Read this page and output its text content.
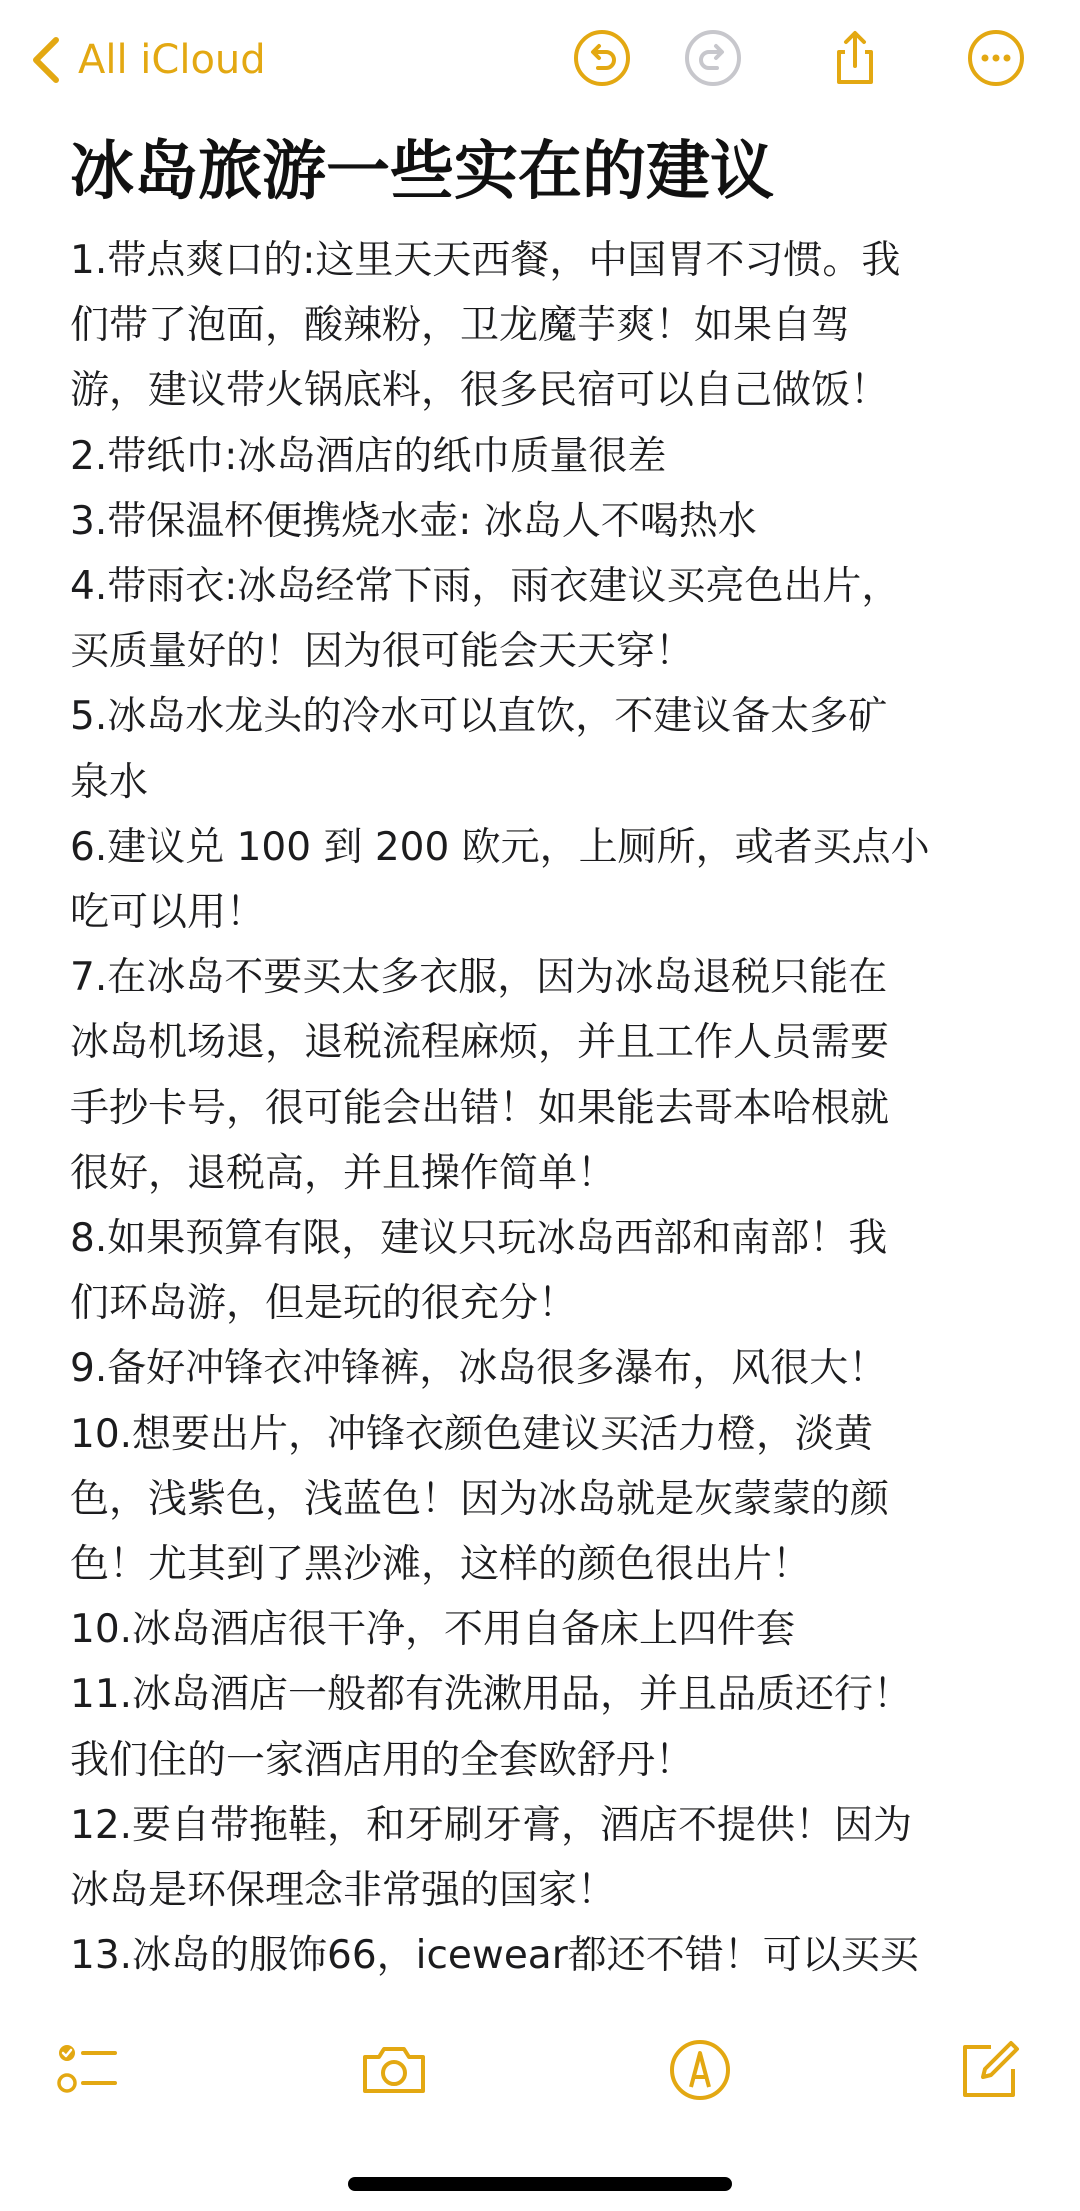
All iCloud
冰岛旅游一些实在的建议
1.带点爽口的:这里天天西餐，中国胃不习惯。我
们带了泡面，酸辣粉，卫龙魔芋爽！如果自驾
游，建议带火锅底料，很多民宿可以自己做饭！
2.带纸巾:冰岛酒店的纸巾质量很差
3.带保温杯便携烧水壶: 冰岛人不喝热水
4.带雨衣:冰岛经常下雨，雨衣建议买亮色出片，
买质量好的！因为很可能会天天穿！
5.冰岛水龙头的冷水可以直饮，不建议备太多矿
泉水
6.建议兑 100 到 200 欧元，上厕所，或者买点小
吃可以用！
7.在冰岛不要买太多衣服，因为冰岛退税只能在
冰岛机场退，退税流程麻烦，并且工作人员需要
手抄卡号，很可能会出错！如果能去哥本哈根就
很好，退税高，并且操作简单！
8.如果预算有限，建议只玩冰岛西部和南部！我
们环岛游，但是玩的很充分！
9.备好冲锋衣冲锋裤，冰岛很多瀑布，风很大！
10.想要出片，冲锋衣颜色建议买活力橙，淡黄
色，浅紫色，浅蓝色！因为冰岛就是灰蒙蒙的颜
色！尤其到了黑沙滩，这样的颜色很出片！
10.冰岛酒店很干净，不用自备床上四件套
11.冰岛酒店一般都有洗漱用品，并且品质还行！
我们住的一家酒店用的全套欧舒丹！
12.要自带拖鞋，和牙刷牙膏，酒店不提供！因为
冰岛是环保理念非常强的国家！
13.冰岛的服饰66，icewear都还不错！可以买买
